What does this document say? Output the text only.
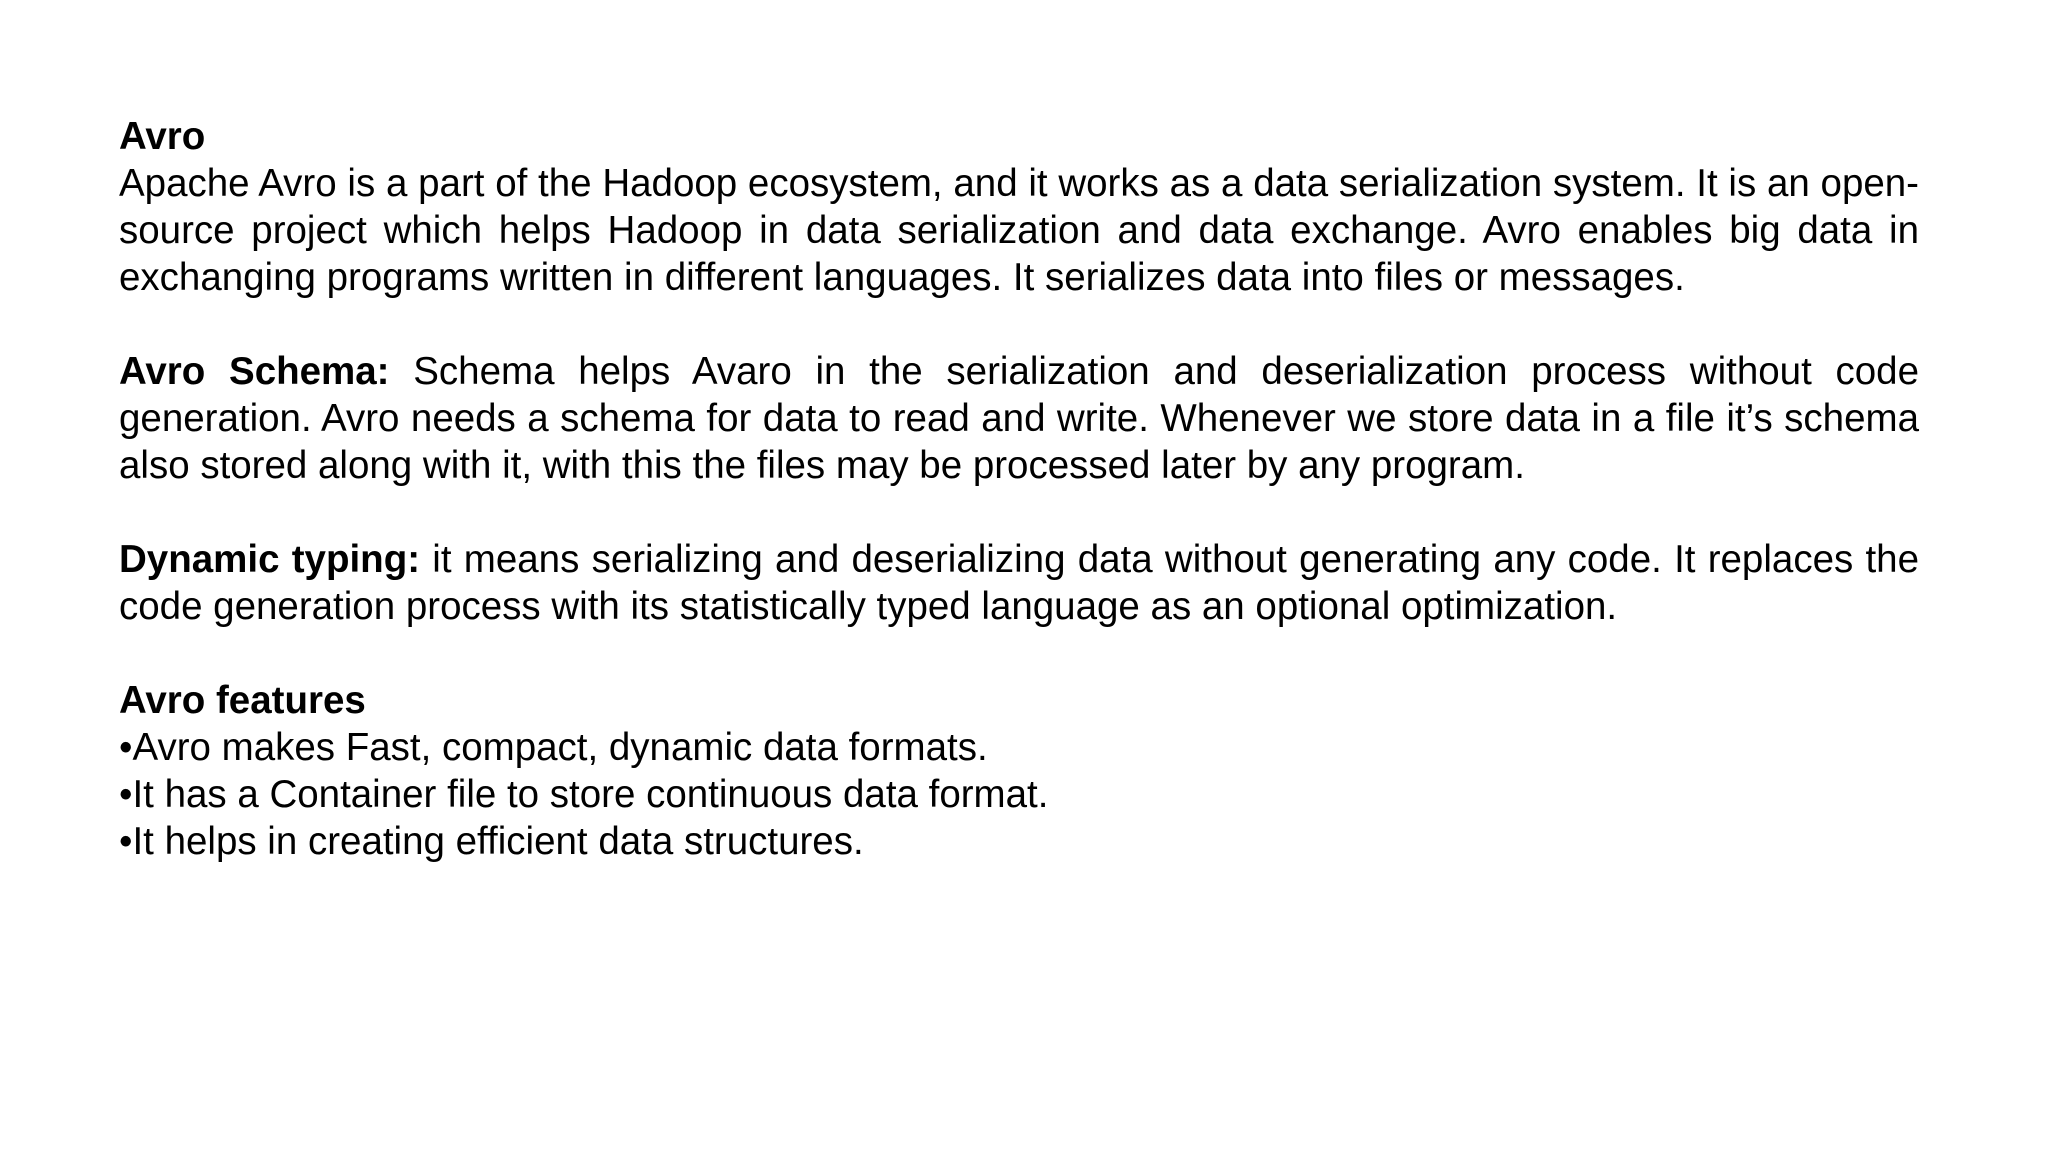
Avro

Apache Avro is a part of the Hadoop ecosystem, and it works as a data serialization system. It is an open-source project which helps Hadoop in data serialization and data exchange. Avro enables big data in exchanging programs written in different languages. It serializes data into files or messages.

Avro Schema: Schema helps Avaro in the serialization and deserialization process without code generation. Avro needs a schema for data to read and write. Whenever we store data in a file it’s schema also stored along with it, with this the files may be processed later by any program.

Dynamic typing: it means serializing and deserializing data without generating any code. It replaces the code generation process with its statistically typed language as an optional optimization.

Avro features
•Avro makes Fast, compact, dynamic data formats.
•It has a Container file to store continuous data format.
•It helps in creating efficient data structures.
